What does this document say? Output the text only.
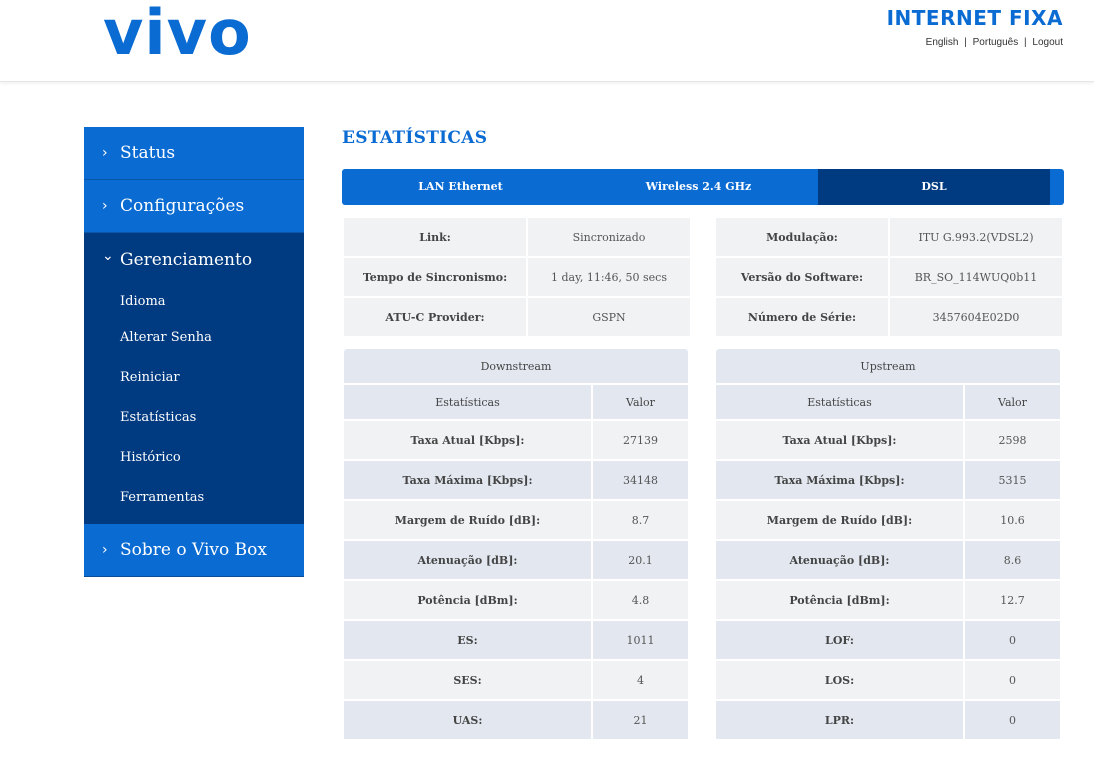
vivo	INTERNET FIXA
English | Português | Logout
› Status
› Configurações
⌄ Gerenciamento
Idioma
Alterar Senha
Reiniciar
Estatísticas
Histórico
Ferramentas
› Sobre o Vivo Box
ESTATÍSTICAS
LAN Ethernet	Wireless 2.4 GHz	DSL
Link:	Sincronizado
Tempo de Sincronismo:	1 day, 11:46, 50 secs
ATU-C Provider:	GSPN
Modulação:	ITU G.993.2(VDSL2)
Versão do Software:	BR_SO_114WUQ0b11
Número de Série:	3457604E02D0
Downstream	
Estatísticas	Valor
Taxa Atual [Kbps]:	27139
Taxa Máxima [Kbps]:	34148
Margem de Ruído [dB]:	8.7
Atenuação [dB]:	20.1
Potência [dBm]:	4.8
ES:	1011
SES:	4
UAS:	21
Upstream	
Estatísticas	Valor
Taxa Atual [Kbps]:	2598
Taxa Máxima [Kbps]:	5315
Margem de Ruído [dB]:	10.6
Atenuação [dB]:	8.6
Potência [dBm]:	12.7
LOF:	0
LOS:	0
LPR:	0
